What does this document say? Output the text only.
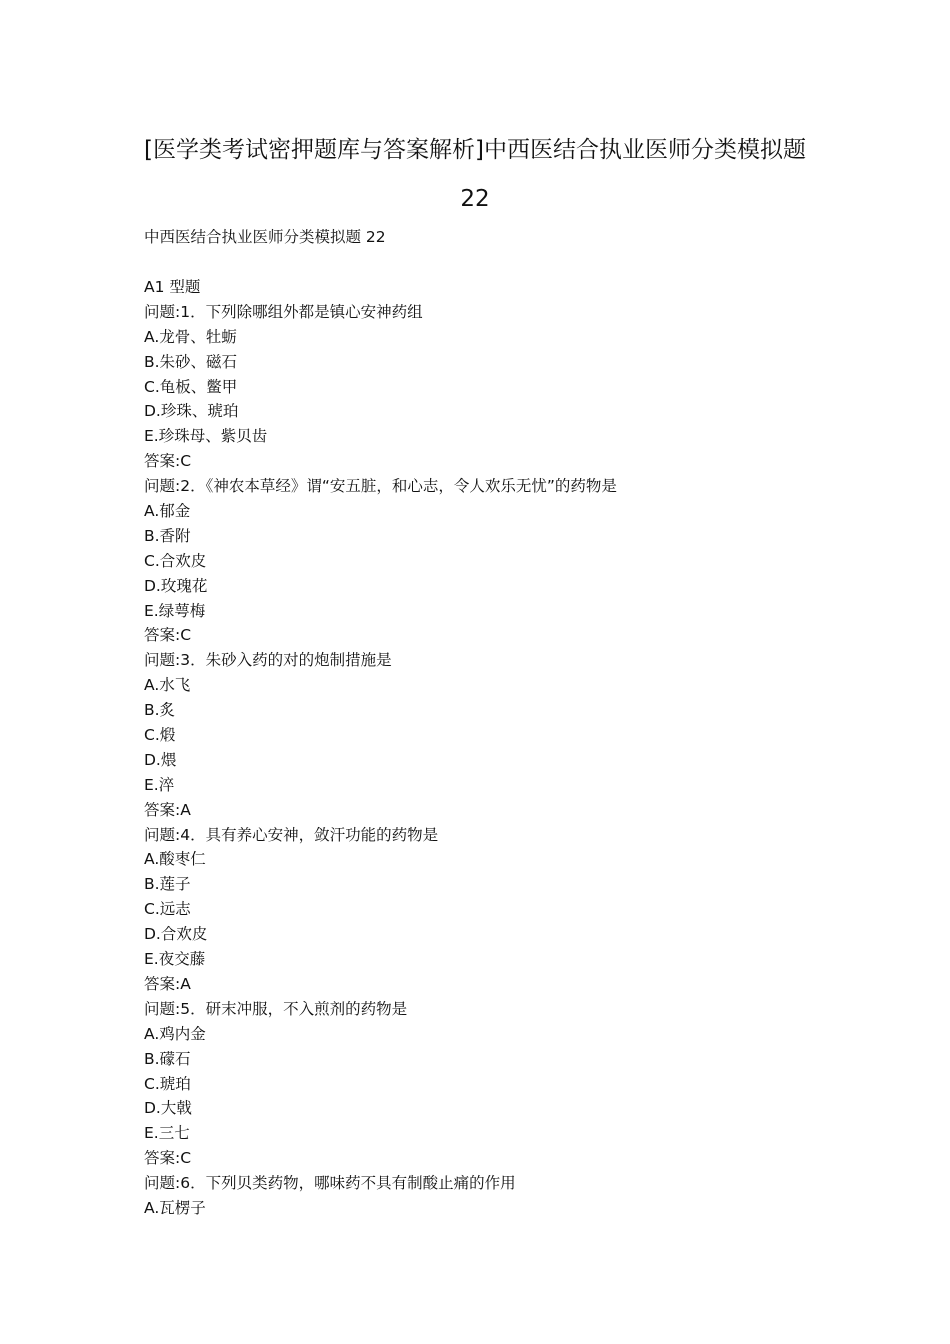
[医学类考试密押题库与答案解析]中西医结合执业医师分类模拟题
22
中西医结合执业医师分类模拟题 22
A1 型题
问题:1．下列除哪组外都是镇心安神药组
A.龙骨、牡蛎
B.朱砂、磁石
C.龟板、鳖甲
D.珍珠、琥珀
E.珍珠母、紫贝齿
答案:C
问题:2．《神农本草经》谓“安五脏，和心志，令人欢乐无忧”的药物是
A.郁金
B.香附
C.合欢皮
D.玫瑰花
E.绿萼梅
答案:C
问题:3．朱砂入药的对的炮制措施是
A.水飞
B.炙
C.煅
D.煨
E.淬
答案:A
问题:4．具有养心安神，敛汗功能的药物是
A.酸枣仁
B.莲子
C.远志
D.合欢皮
E.夜交藤
答案:A
问题:5．研末冲服，不入煎剂的药物是
A.鸡内金
B.礞石
C.琥珀
D.大戟
E.三七
答案:C
问题:6．下列贝类药物，哪味药不具有制酸止痛的作用
A.瓦楞子
